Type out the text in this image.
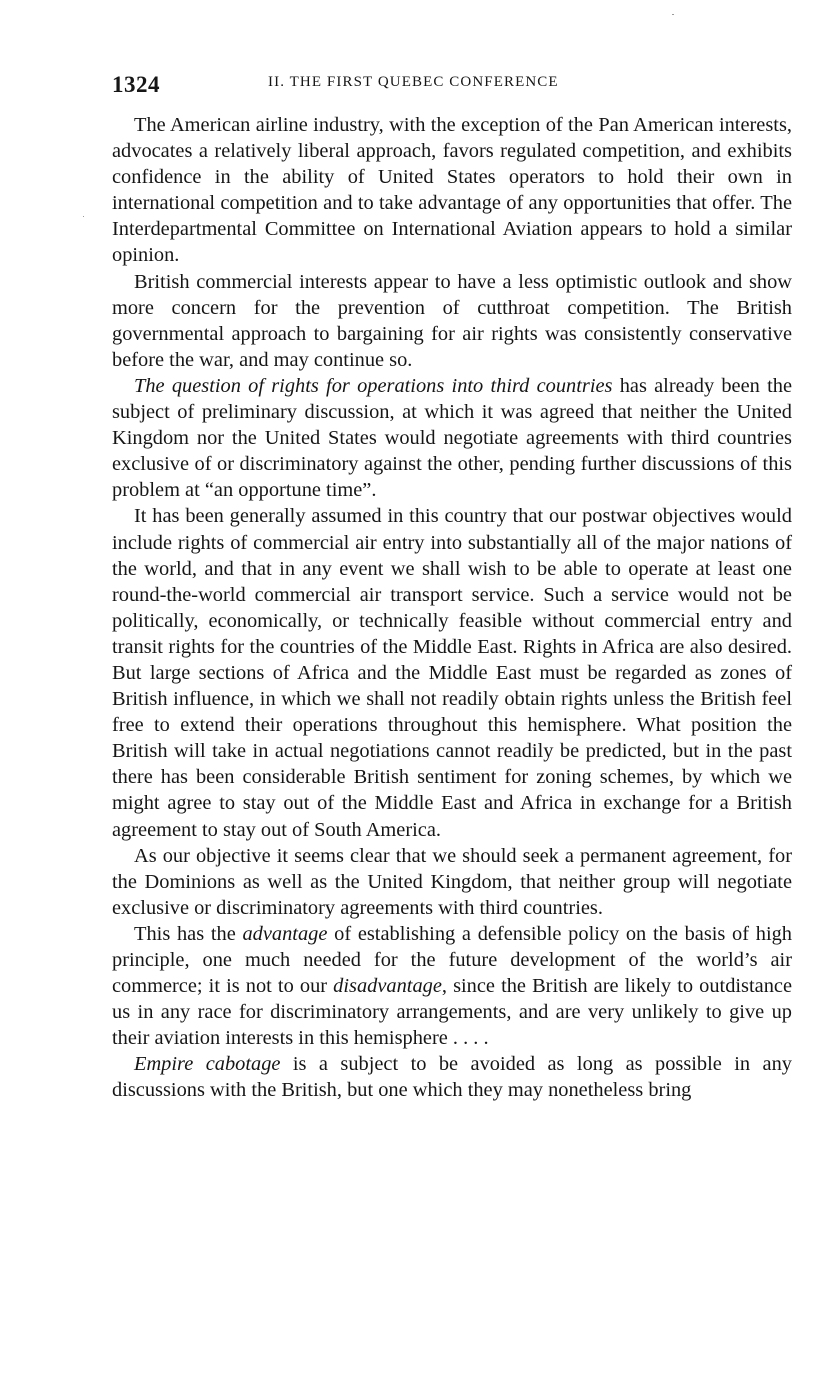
1324	II. THE FIRST QUEBEC CONFERENCE

The American airline industry, with the exception of the Pan American interests, advocates a relatively liberal approach, favors regulated competition, and exhibits confidence in the ability of United States operators to hold their own in international competition and to take advantage of any opportunities that offer. The Interdepartmental Committee on International Aviation appears to hold a similar opinion.

British commercial interests appear to have a less optimistic outlook and show more concern for the prevention of cutthroat competition. The British governmental approach to bargaining for air rights was consistently conservative before the war, and may continue so.

The question of rights for operations into third countries has already been the subject of preliminary discussion, at which it was agreed that neither the United Kingdom nor the United States would negotiate agreements with third countries exclusive of or discriminatory against the other, pending further discussions of this problem at “an opportune time”.

It has been generally assumed in this country that our postwar objectives would include rights of commercial air entry into substantially all of the major nations of the world, and that in any event we shall wish to be able to operate at least one round-the-world commercial air transport service. Such a service would not be politically, economically, or technically feasible without commercial entry and transit rights for the countries of the Middle East. Rights in Africa are also desired. But large sections of Africa and the Middle East must be regarded as zones of British influence, in which we shall not readily obtain rights unless the British feel free to extend their operations throughout this hemisphere. What position the British will take in actual negotiations cannot readily be predicted, but in the past there has been considerable British sentiment for zoning schemes, by which we might agree to stay out of the Middle East and Africa in exchange for a British agreement to stay out of South America.

As our objective it seems clear that we should seek a permanent agreement, for the Dominions as well as the United Kingdom, that neither group will negotiate exclusive or discriminatory agreements with third countries.

This has the advantage of establishing a defensible policy on the basis of high principle, one much needed for the future development of the world’s air commerce; it is not to our disadvantage, since the British are likely to outdistance us in any race for discriminatory arrangements, and are very unlikely to give up their aviation interests in this hemisphere . . . .

Empire cabotage is a subject to be avoided as long as possible in any discussions with the British, but one which they may nonetheless bring
